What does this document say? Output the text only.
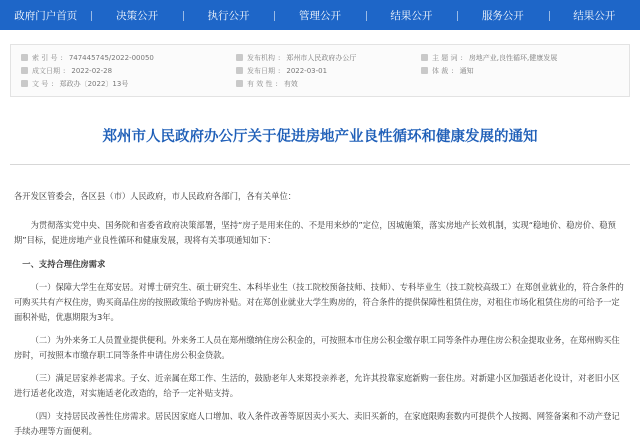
政府门户首页	决策公开	执行公开	管理公开	结果公开	服务公开	结果公开
索 引 号 : 747445745/2022-00050	发布机构 : 郑州市人民政府办公厅	主 题 词 : 房地产业,良性循环,健康发展
成文日期 : 2022-02-28	发布日期 : 2022-03-01	体 裁 : 通知
文 号 : 郑政办〔2022〕13号	有 效 性 : 有效
郑州市人民政府办公厅关于促进房地产业良性循环和健康发展的通知

各开发区管委会，各区县（市）人民政府，市人民政府各部门，各有关单位：

为贯彻落实党中央、国务院和省委省政府决策部署，坚持“房子是用来住的、不是用来炒的”定位，因城施策，落实房地产长效机制，实现“稳地价、稳房价、稳预期”目标，促进房地产业良性循环和健康发展，现将有关事项通知如下：

一、支持合理住房需求

（一）保障大学生在郑安居。对博士研究生、硕士研究生、本科毕业生（技工院校预备技师、技师）、专科毕业生（技工院校高级工）在郑创业就业的，符合条件的可购买共有产权住房，购买商品住房的按照政策给予购房补贴。对在郑创业就业大学生购房的，符合条件的提供保障性租赁住房，对租住市场化租赁住房的可给予一定面积补贴，优惠期限为3年。

（二）为外来务工人员置业提供便利。外来务工人员在郑州缴纳住房公积金的，可按照本市住房公积金缴存职工同等条件办理住房公积金提取业务，在郑州购买住房时，可按照本市缴存职工同等条件申请住房公积金贷款。

（三）满足居家养老需求。子女、近亲属在郑工作、生活的，鼓励老年人来郑投亲养老，允许其投靠家庭新购一套住房。对新建小区加强适老化设计，对老旧小区进行适老化改造，对实施适老化改造的，给予一定补贴支持。

（四）支持居民改善性住房需求。居民因家庭人口增加、收入条件改善等原因卖小买大、卖旧买新的，在家庭限购套数内可提供个人按揭、网签备案和不动产登记手续办理等方面便利。
